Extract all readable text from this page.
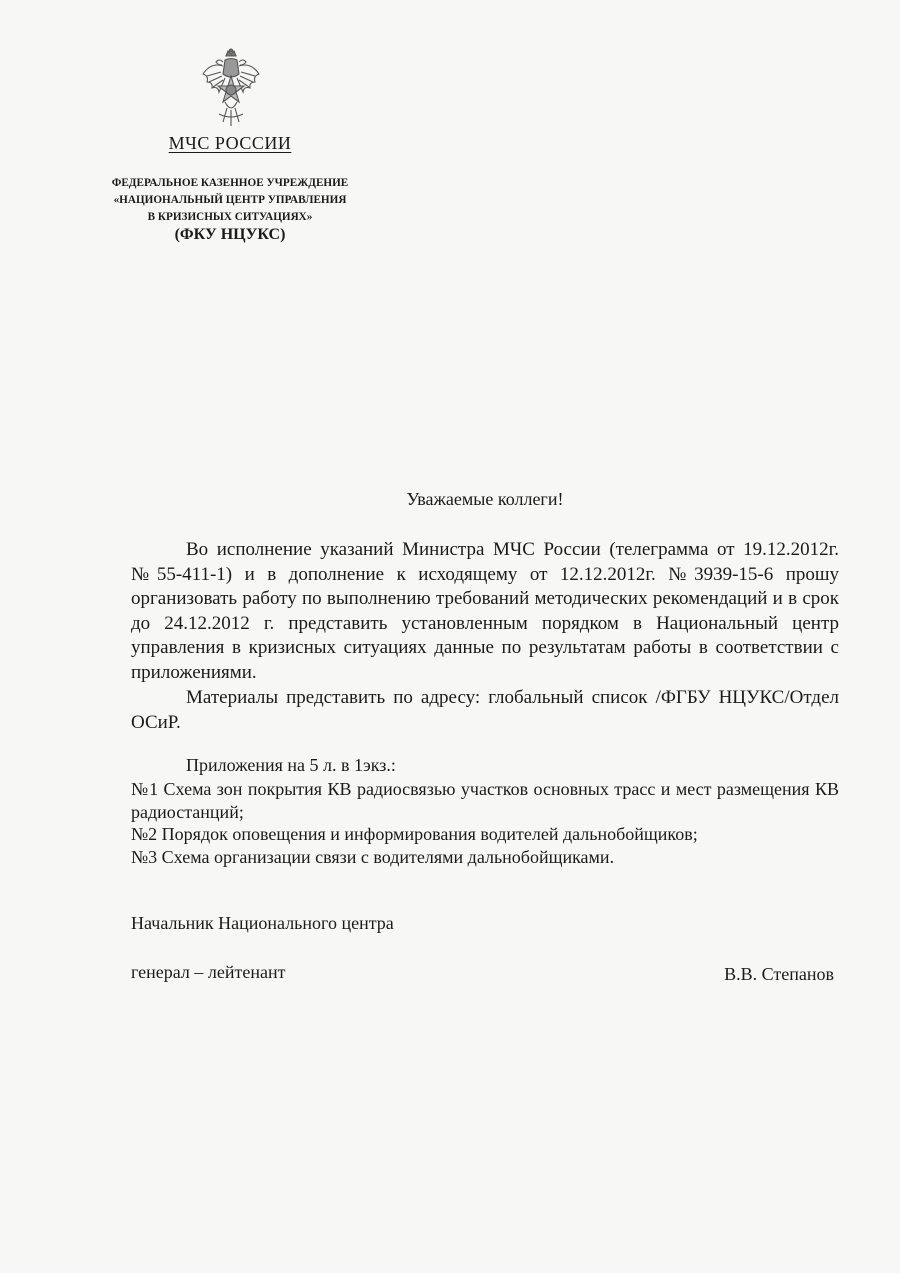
МЧС РОССИИ
ФЕДЕРАЛЬНОЕ КАЗЕННОЕ УЧРЕЖДЕНИЕ
«НАЦИОНАЛЬНЫЙ ЦЕНТР УПРАВЛЕНИЯ
В КРИЗИСНЫХ СИТУАЦИЯХ»
(ФКУ НЦУКС)
Уважаемые коллеги!

Во исполнение указаний Министра МЧС России (телеграмма от 19.12.2012г. №55-411-1) и в дополнение к исходящему от 12.12.2012г. №3939-15-6 прошу организовать работу по выполнению требований методических рекомендаций и в срок до 24.12.2012 г. представить установленным порядком в Национальный центр управления в кризисных ситуациях данные по результатам работы в соответствии с приложениями.

Материалы представить по адресу: глобальный список /ФГБУ НЦУКС/Отдел ОСиР.

Приложения на 5 л. в 1экз.:
№1 Схема зон покрытия КВ радиосвязью участков основных трасс и мест размещения КВ радиостанций;
№2 Порядок оповещения и информирования водителей дальнобойщиков;
№3 Схема организации связи с водителями дальнобойщиками.
Начальник Национального центра
генерал – лейтенант	В.В. Степанов
